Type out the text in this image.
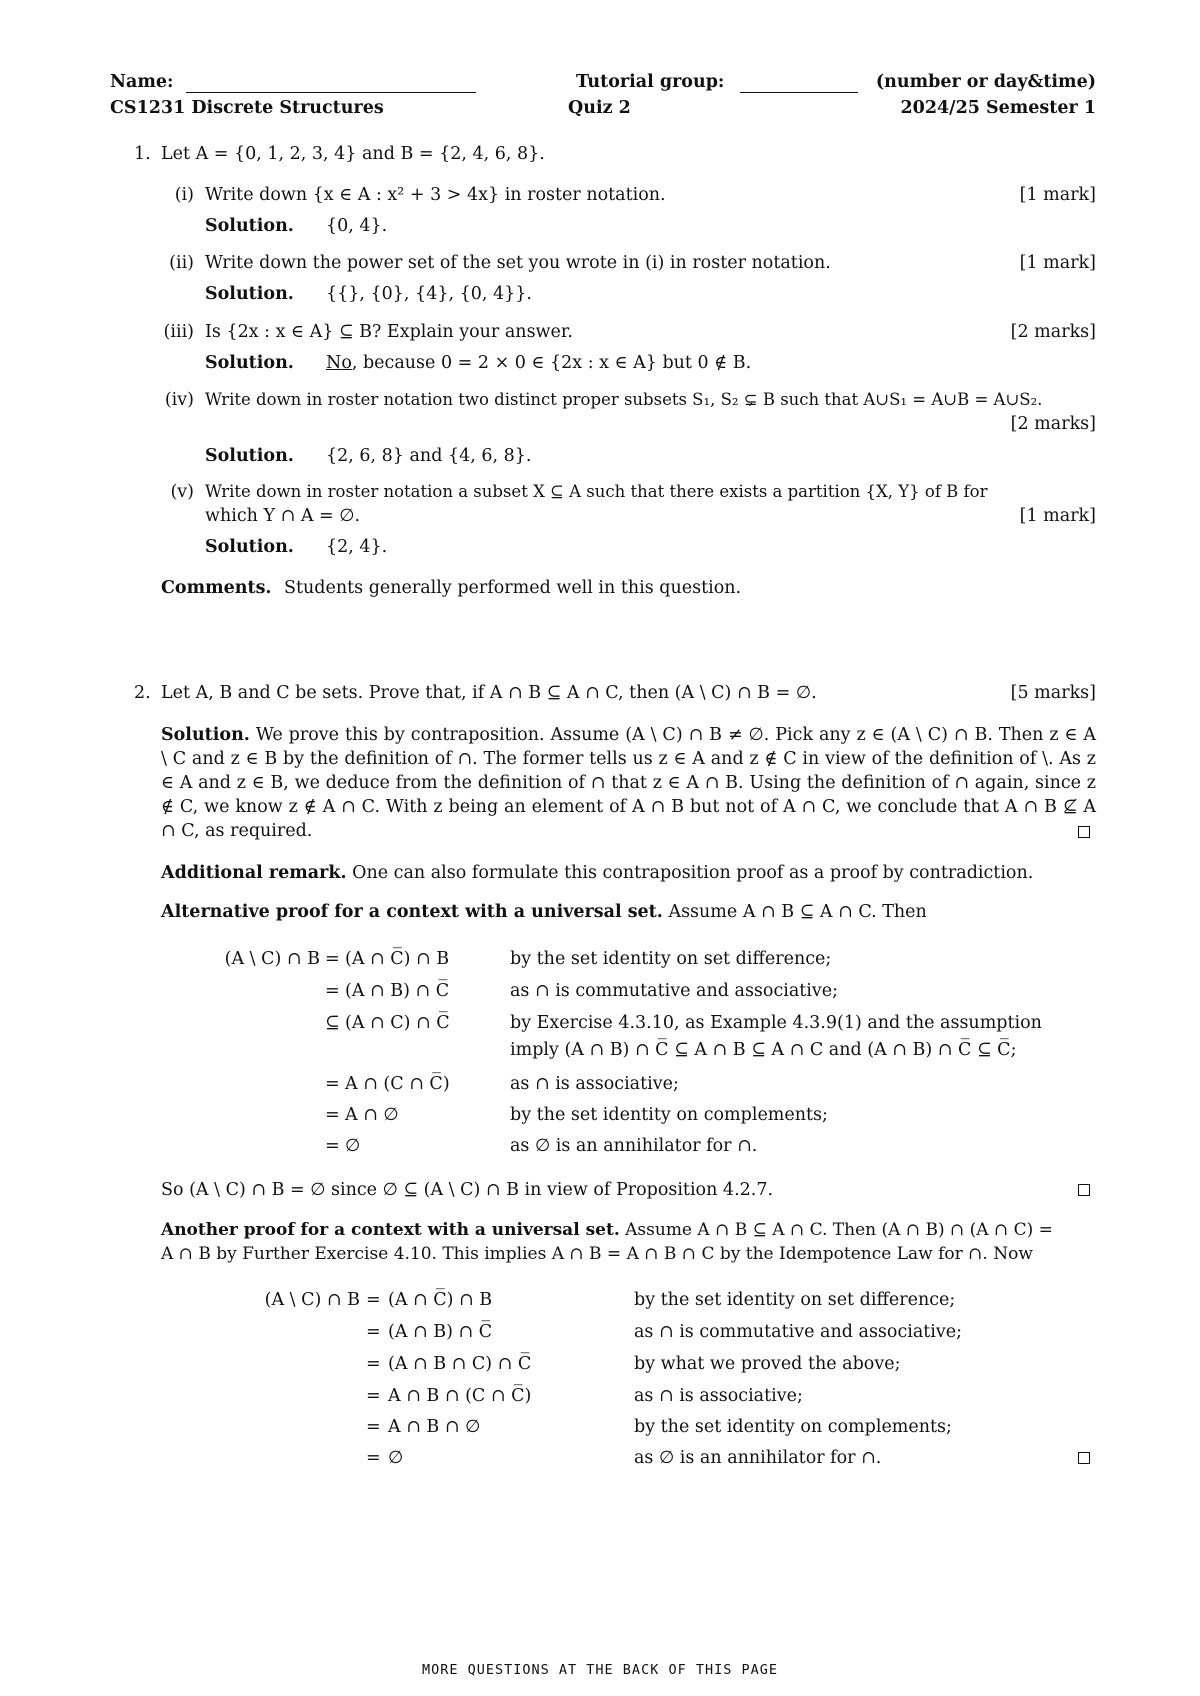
Name:	Tutorial group:	(number or day&time)
CS1231 Discrete Structures	Quiz 2	2024/25 Semester 1
1. Let A = {0, 1, 2, 3, 4} and B = {2, 4, 6, 8}.
(i) Write down {x ∈ A : x² + 3 > 4x} in roster notation.	[1 mark]
Solution. {0, 4}.
(ii) Write down the power set of the set you wrote in (i) in roster notation.	[1 mark]
Solution. {{}, {0}, {4}, {0, 4}}.
(iii) Is {2x : x ∈ A} ⊆ B? Explain your answer.	[2 marks]
Solution. No, because 0 = 2 × 0 ∈ {2x : x ∈ A} but 0 ∉ B.
(iv) Write down in roster notation two distinct proper subsets S₁, S₂ ⊊ B such that A∪S₁ = A∪B = A∪S₂.
[2 marks]
Solution. {2, 6, 8} and {4, 6, 8}.
(v) Write down in roster notation a subset X ⊆ A such that there exists a partition {X, Y} of B for
which Y ∩ A = ∅.	[1 mark]
Solution. {2, 4}.
Comments. Students generally performed well in this question.
2. Let A, B and C be sets. Prove that, if A ∩ B ⊆ A ∩ C, then (A \ C) ∩ B = ∅.	[5 marks]
Solution. We prove this by contraposition. Assume (A \ C) ∩ B ≠ ∅. Pick any z ∈ (A \ C) ∩ B. Then z ∈ A \ C and z ∈ B by the definition of ∩. The former tells us z ∈ A and z ∉ C in view of the definition of \. As z ∈ A and z ∈ B, we deduce from the definition of ∩ that z ∈ A ∩ B. Using the definition of ∩ again, since z ∉ C, we know z ∉ A ∩ C. With z being an element of A ∩ B but not of A ∩ C, we conclude that A ∩ B ⊈ A ∩ C, as required.
Additional remark. One can also formulate this contraposition proof as a proof by contradiction.
Alternative proof for a context with a universal set. Assume A ∩ B ⊆ A ∩ C. Then
(A \ C) ∩ B = (A ∩ C̅) ∩ B	by the set identity on set difference;
= (A ∩ B) ∩ C̅	as ∩ is commutative and associative;
⊆ (A ∩ C) ∩ C̅	by Exercise 4.3.10, as Example 4.3.9(1) and the assumption
imply (A ∩ B) ∩ C̅ ⊆ A ∩ B ⊆ A ∩ C and (A ∩ B) ∩ C̅ ⊆ C̅;
= A ∩ (C ∩ C̅)	as ∩ is associative;
= A ∩ ∅	by the set identity on complements;
= ∅	as ∅ is an annihilator for ∩.
So (A \ C) ∩ B = ∅ since ∅ ⊆ (A \ C) ∩ B in view of Proposition 4.2.7.
Another proof for a context with a universal set. Assume A ∩ B ⊆ A ∩ C. Then (A ∩ B) ∩ (A ∩ C) =
A ∩ B by Further Exercise 4.10. This implies A ∩ B = A ∩ B ∩ C by the Idempotence Law for ∩. Now
(A \ C) ∩ B = (A ∩ C̅) ∩ B	by the set identity on set difference;
= (A ∩ B) ∩ C̅	as ∩ is commutative and associative;
= (A ∩ B ∩ C) ∩ C̅	by what we proved the above;
= A ∩ B ∩ (C ∩ C̅)	as ∩ is associative;
= A ∩ B ∩ ∅	by the set identity on complements;
= ∅	as ∅ is an annihilator for ∩.
MORE QUESTIONS AT THE BACK OF THIS PAGE
